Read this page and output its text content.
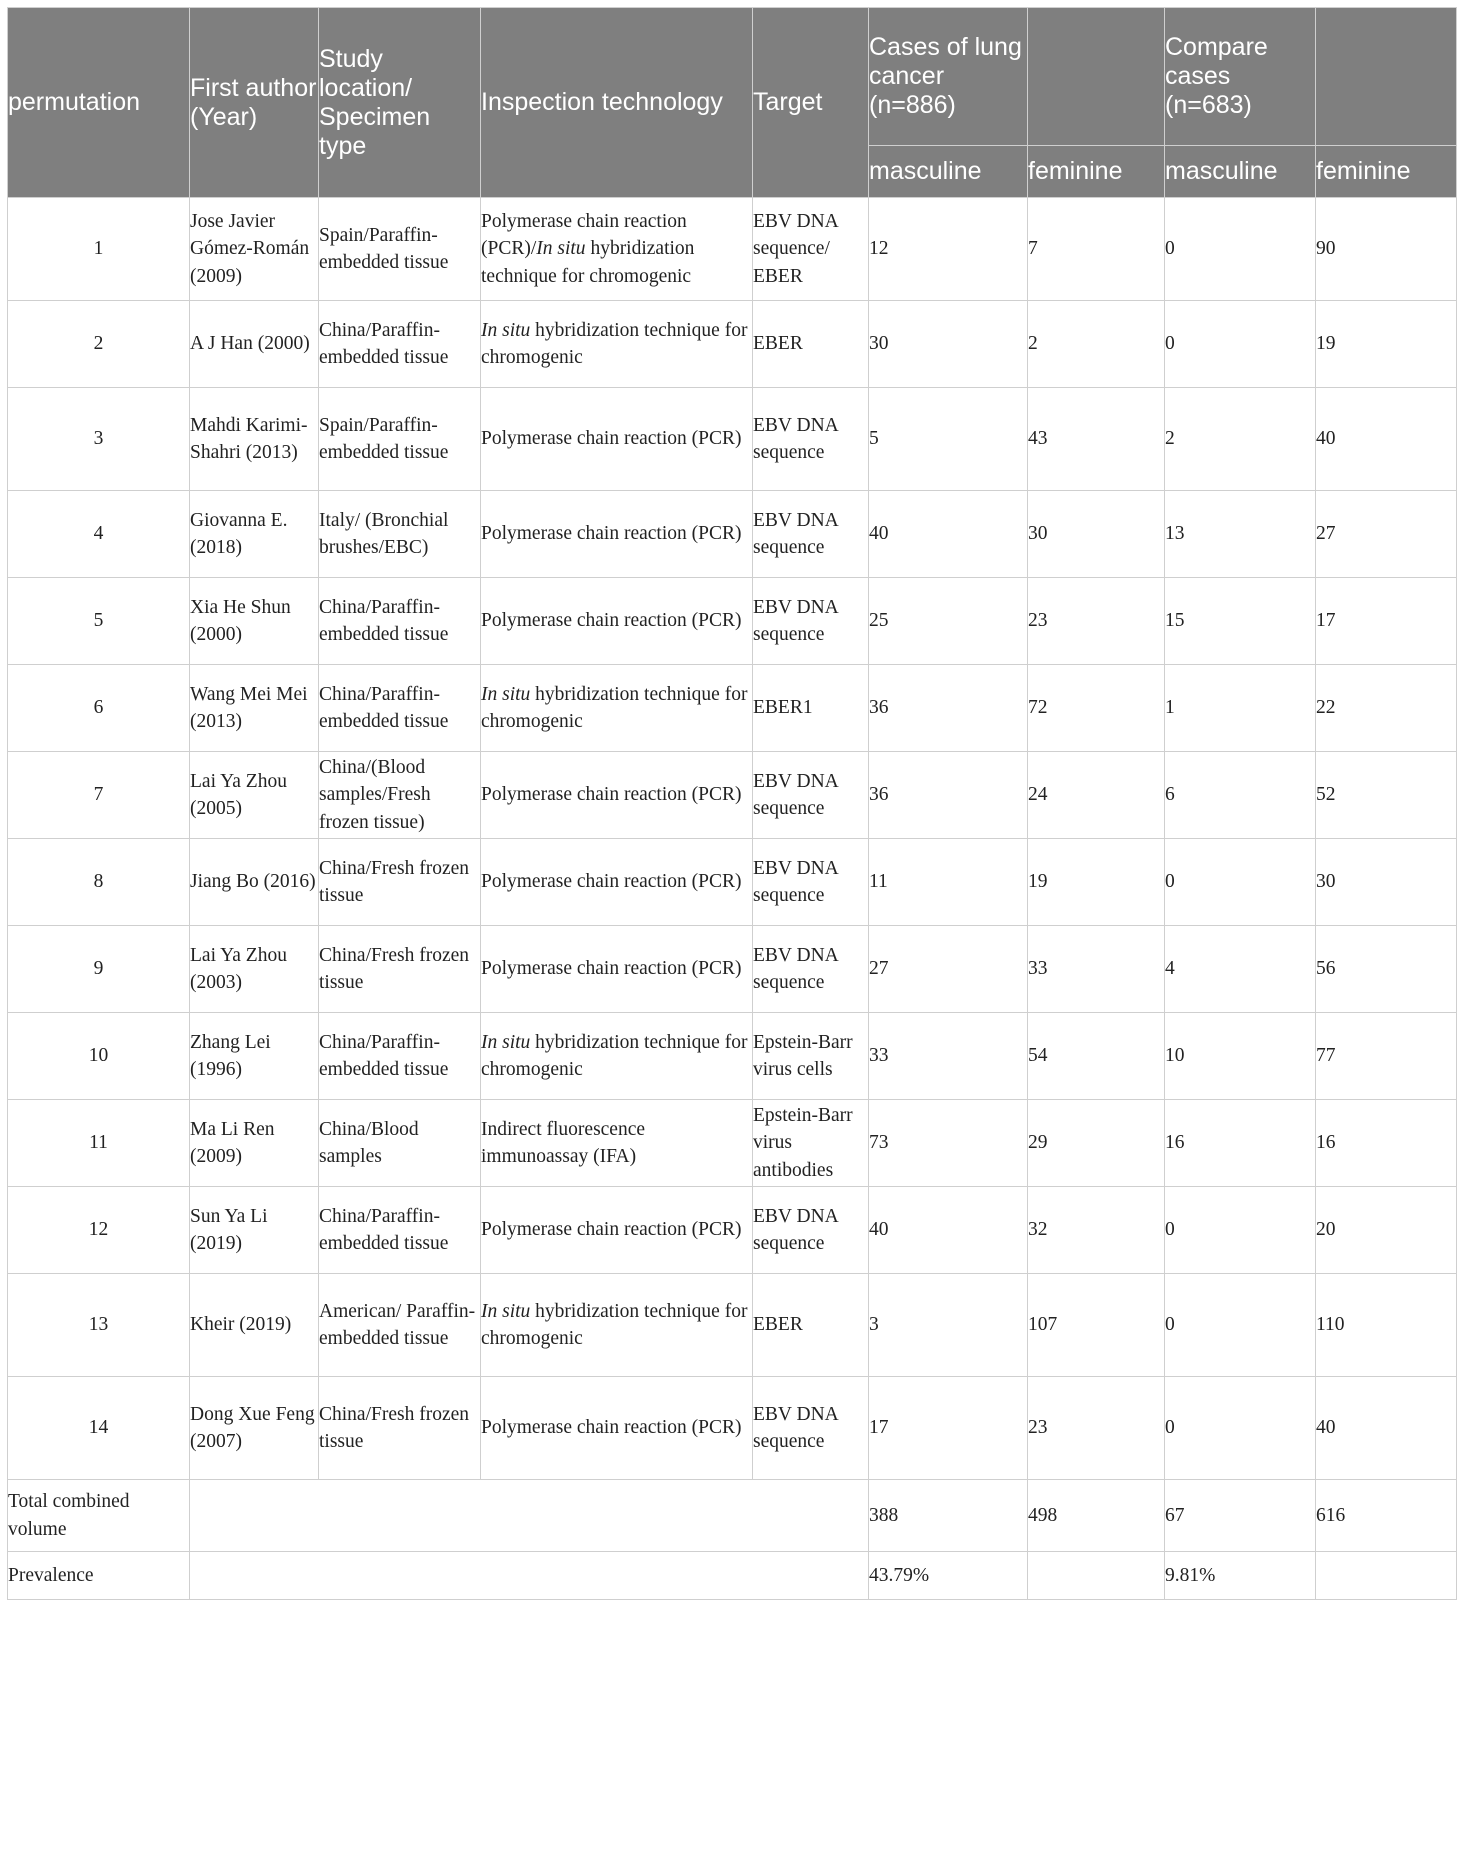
permutation	First author (Year)	Study location/ Specimen type	Inspection technology	Target	Cases of lung cancer (n=886)		Compare cases (n=683)	
					masculine	feminine	masculine	feminine
1	Jose Javier Gómez-Román (2009)	Spain/Paraffin-embedded tissue	Polymerase chain reaction (PCR)/In situ hybridization technique for chromogenic	EBV DNA sequence/ EBER	12	7	0	90
2	A J Han (2000)	China/Paraffin-embedded tissue	In situ hybridization technique for chromogenic	EBER	30	2	0	19
3	Mahdi Karimi-Shahri (2013)	Spain/Paraffin-embedded tissue	Polymerase chain reaction (PCR)	EBV DNA sequence	5	43	2	40
4	Giovanna E. (2018)	Italy/ (Bronchial brushes/EBC)	Polymerase chain reaction (PCR)	EBV DNA sequence	40	30	13	27
5	Xia He Shun (2000)	China/Paraffin-embedded tissue	Polymerase chain reaction (PCR)	EBV DNA sequence	25	23	15	17
6	Wang Mei Mei (2013)	China/Paraffin-embedded tissue	In situ hybridization technique for chromogenic	EBER1	36	72	1	22
7	Lai Ya Zhou (2005)	China/(Blood samples/Fresh frozen tissue)	Polymerase chain reaction (PCR)	EBV DNA sequence	36	24	6	52
8	Jiang Bo (2016)	China/Fresh frozen tissue	Polymerase chain reaction (PCR)	EBV DNA sequence	11	19	0	30
9	Lai Ya Zhou (2003)	China/Fresh frozen tissue	Polymerase chain reaction (PCR)	EBV DNA sequence	27	33	4	56
10	Zhang Lei (1996)	China/Paraffin-embedded tissue	In situ hybridization technique for chromogenic	Epstein-Barr virus cells	33	54	10	77
11	Ma Li Ren (2009)	China/Blood samples	Indirect fluorescence immunoassay (IFA)	Epstein-Barr virus antibodies	73	29	16	16
12	Sun Ya Li (2019)	China/Paraffin-embedded tissue	Polymerase chain reaction (PCR)	EBV DNA sequence	40	32	0	20
13	Kheir (2019)	American/ Paraffin-embedded tissue	In situ hybridization technique for chromogenic	EBER	3	107	0	110
14	Dong Xue Feng (2007)	China/Fresh frozen tissue	Polymerase chain reaction (PCR)	EBV DNA sequence	17	23	0	40
Total combined volume					388	498	67	616
Prevalence					43.79%		9.81%	
